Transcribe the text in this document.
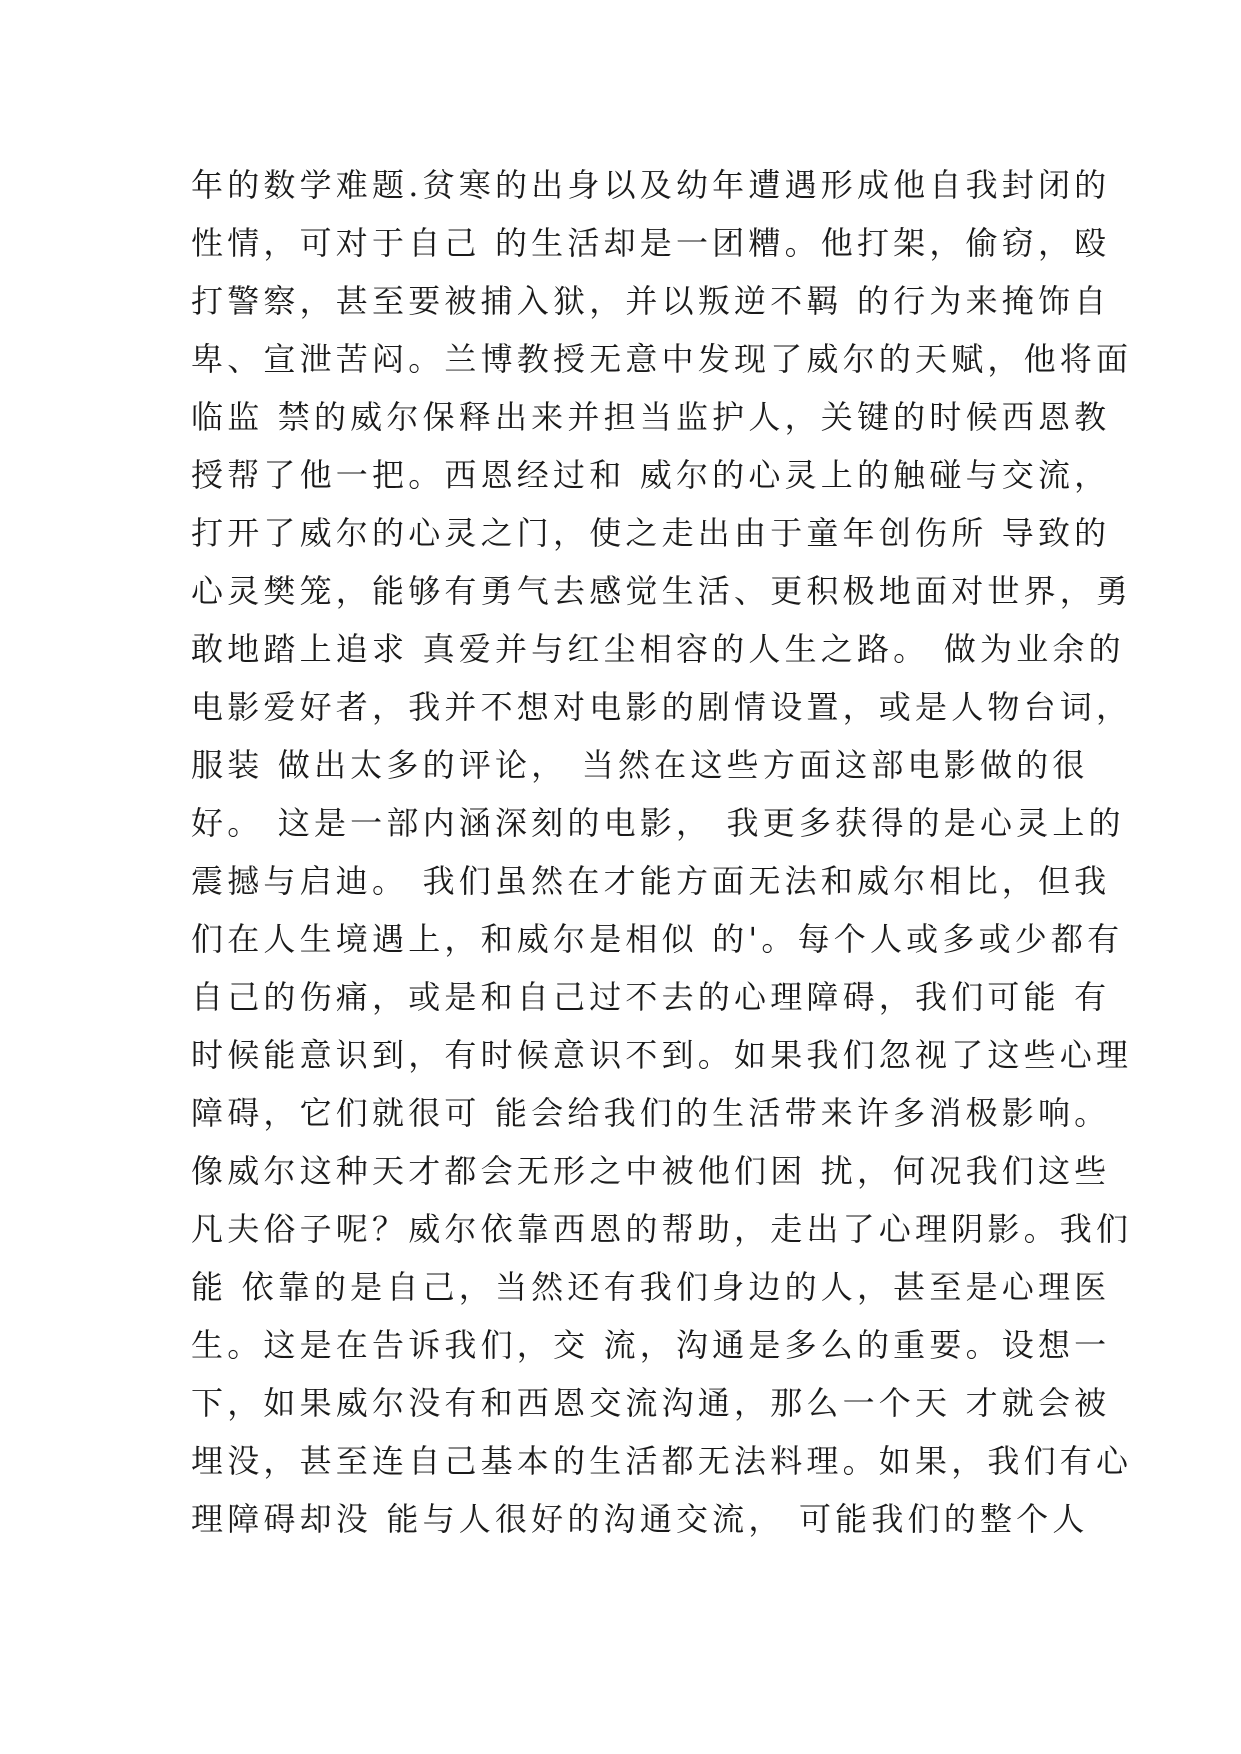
年的数学难题.贫寒的出身以及幼年遭遇形成他自我封闭的
性情，可对于自己 的生活却是一团糟。他打架，偷窃，殴
打警察，甚至要被捕入狱，并以叛逆不羁 的行为来掩饰自
卑、宣泄苦闷。兰博教授无意中发现了威尔的天赋，他将面
临监 禁的威尔保释出来并担当监护人，关键的时候西恩教
授帮了他一把。西恩经过和 威尔的心灵上的触碰与交流，
打开了威尔的心灵之门，使之走出由于童年创伤所 导致的
心灵樊笼，能够有勇气去感觉生活、更积极地面对世界，勇
敢地踏上追求 真爱并与红尘相容的人生之路。 做为业余的
电影爱好者，我并不想对电影的剧情设置，或是人物台词，
服装 做出太多的评论， 当然在这些方面这部电影做的很
好。 这是一部内涵深刻的电影， 我更多获得的是心灵上的
震撼与启迪。 我们虽然在才能方面无法和威尔相比，但我
们在人生境遇上，和威尔是相似 的'。每个人或多或少都有
自己的伤痛，或是和自己过不去的心理障碍，我们可能 有
时候能意识到，有时候意识不到。如果我们忽视了这些心理
障碍，它们就很可 能会给我们的生活带来许多消极影响。
像威尔这种天才都会无形之中被他们困 扰，何况我们这些
凡夫俗子呢？威尔依靠西恩的帮助，走出了心理阴影。我们
能 依靠的是自己，当然还有我们身边的人，甚至是心理医
生。这是在告诉我们，交 流，沟通是多么的重要。设想一
下，如果威尔没有和西恩交流沟通，那么一个天 才就会被
埋没，甚至连自己基本的生活都无法料理。如果，我们有心
理障碍却没 能与人很好的沟通交流， 可能我们的整个人
